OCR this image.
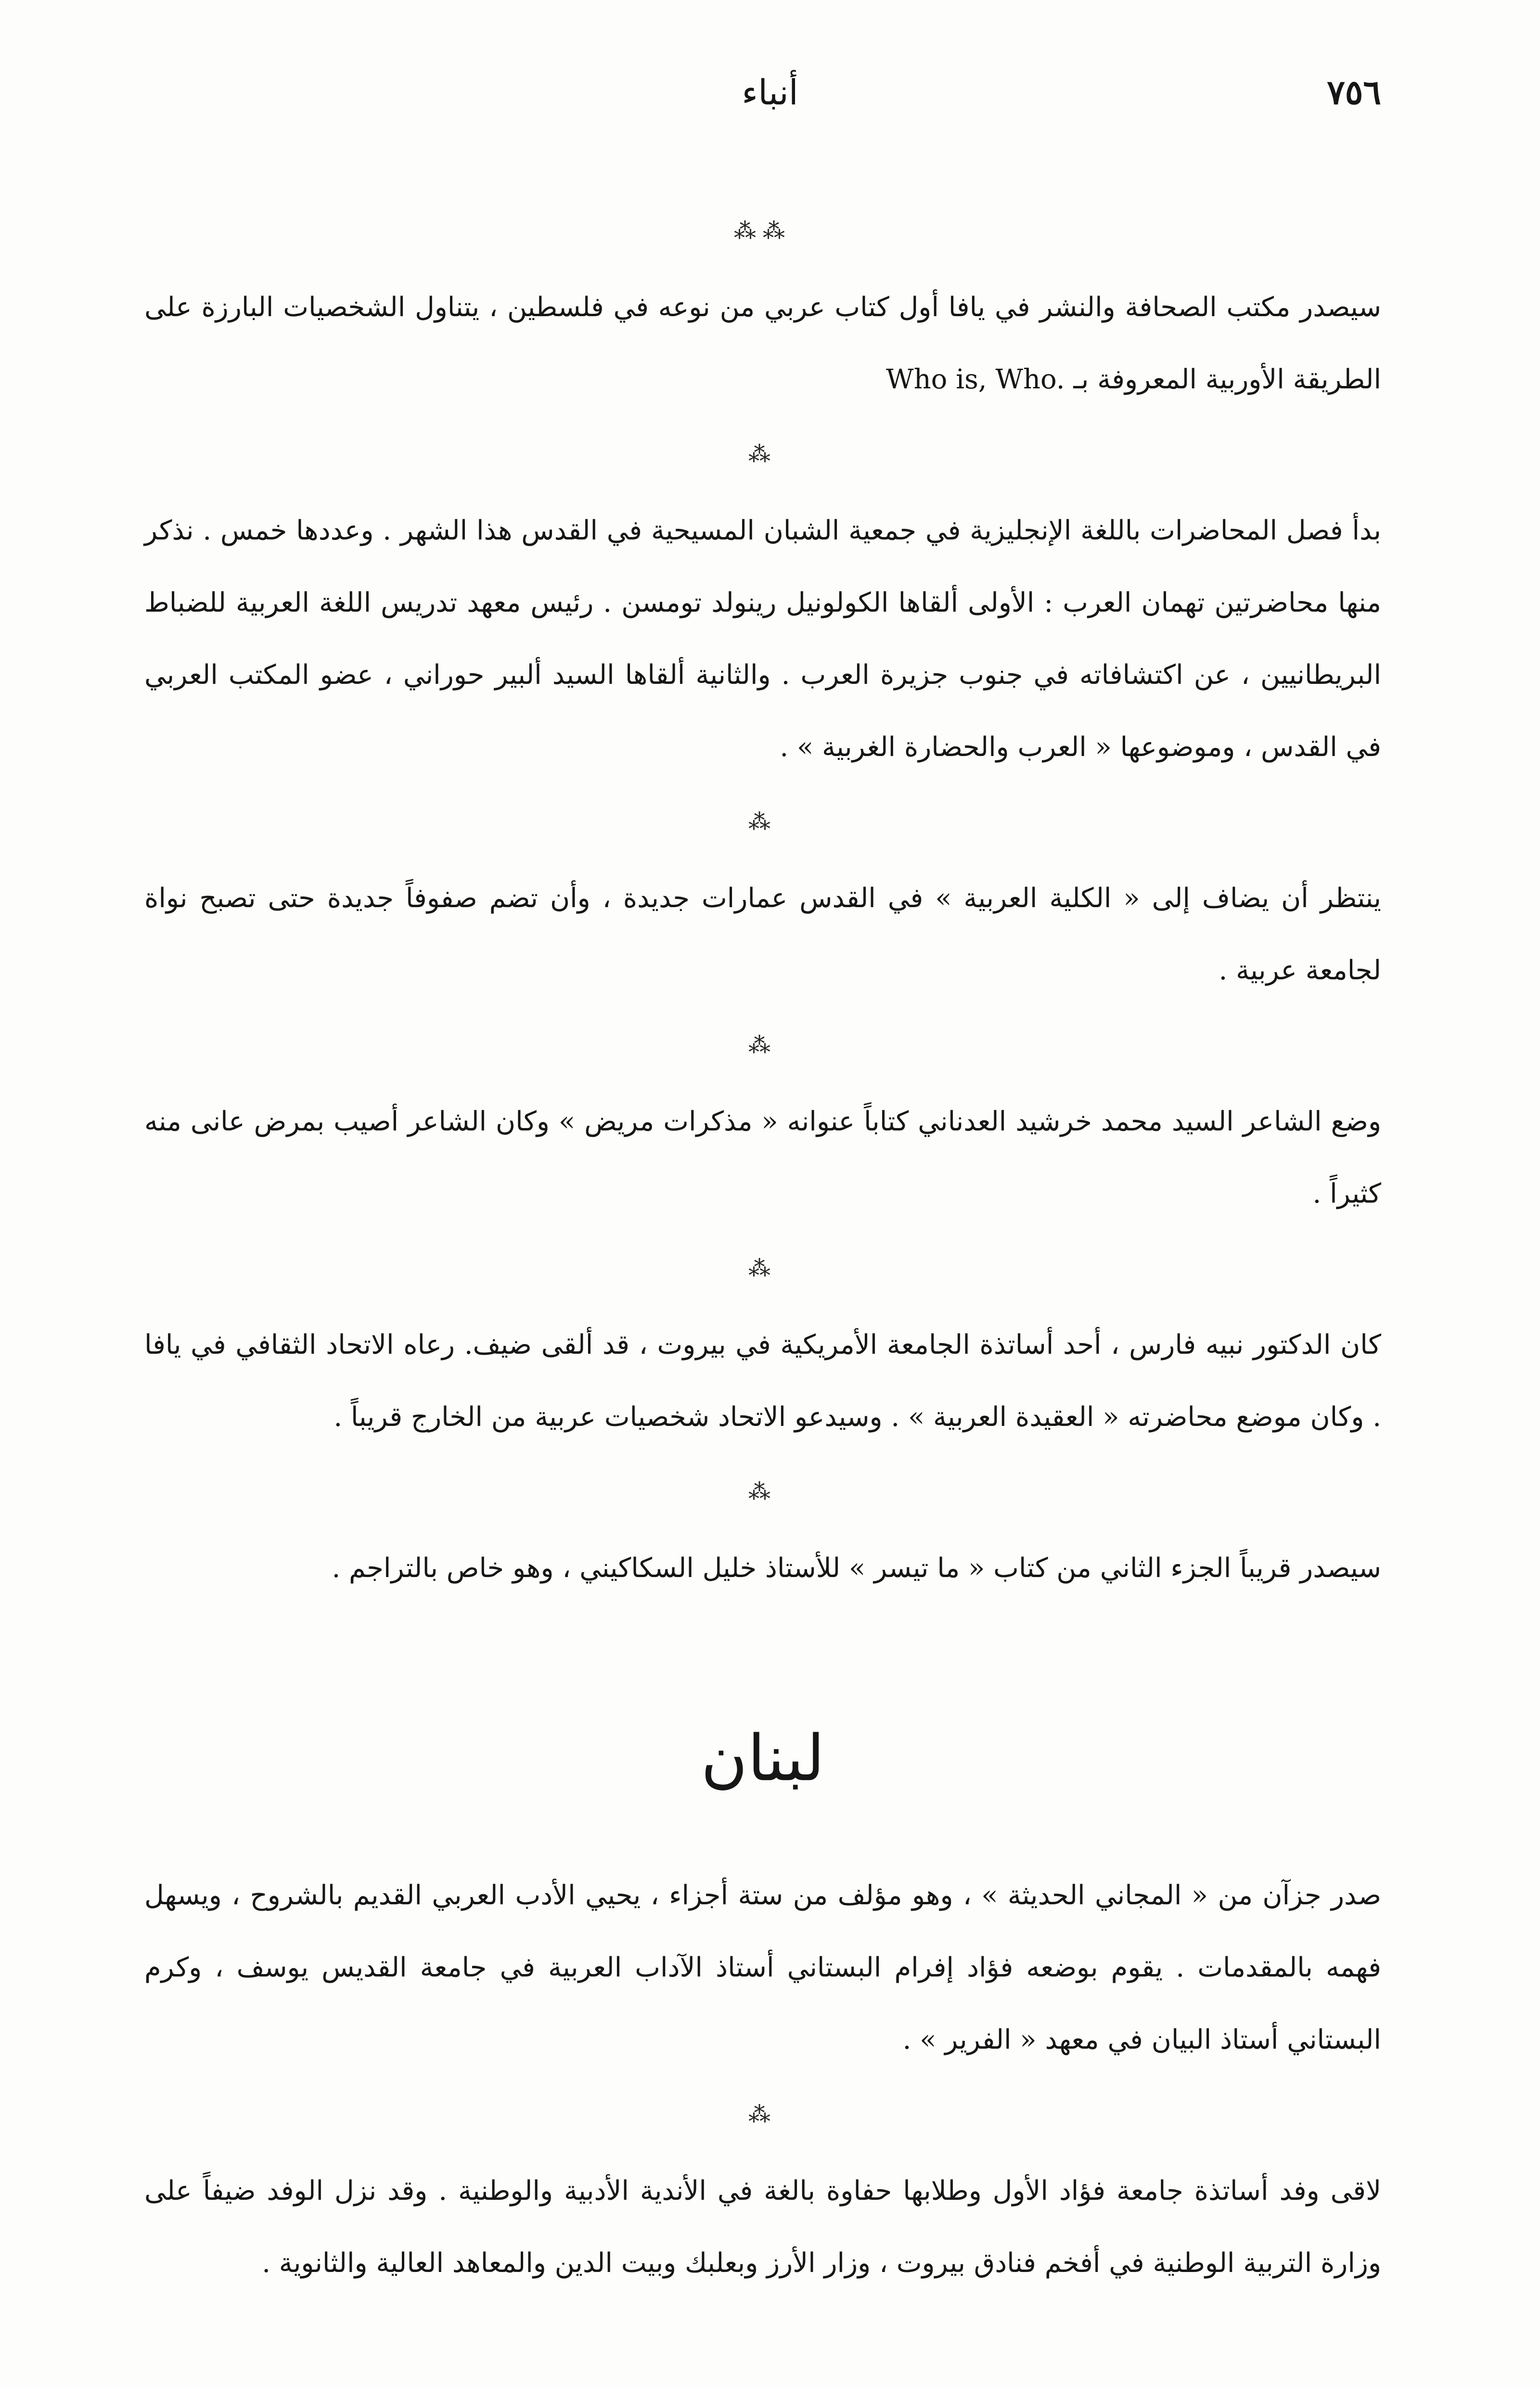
٧٥٦
أنباء
⁂⁂

سيصدر مكتب الصحافة والنشر في يافا أول كتاب عربي من نوعه في فلسطين ، يتناول الشخصيات البارزة على الطريقة الأوربية المعروفة بـ Who is, Who.

⁂

بدأ فصل المحاضرات باللغة الإنجليزية في جمعية الشبان المسيحية في القدس هذا الشهر . وعددها خمس . نذكر منها محاضرتين تهمان العرب : الأولى ألقاها الكولونيل رينولد تومسن . رئيس معهد تدريس اللغة العربية للضباط البريطانيين ، عن اكتشافاته في جنوب جزيرة العرب . والثانية ألقاها السيد ألبير حوراني ، عضو المكتب العربي في القدس ، وموضوعها « العرب والحضارة الغربية » .

⁂

ينتظر أن يضاف إلى « الكلية العربية » في القدس عمارات جديدة ، وأن تضم صفوفاً جديدة حتى تصبح نواة لجامعة عربية .

⁂

وضع الشاعر السيد محمد خرشيد العدناني كتاباً عنوانه « مذكرات مريض » وكان الشاعر أصيب بمرض عانى منه كثيراً .

⁂

كان الدكتور نبيه فارس ، أحد أساتذة الجامعة الأمريكية في بيروت ، قد ألقى ضيف. رعاه الاتحاد الثقافي في يافا . وكان موضع محاضرته « العقيدة العربية » . وسيدعو الاتحاد شخصيات عربية من الخارج قريباً .

⁂

سيصدر قريباً الجزء الثاني من كتاب « ما تيسر » للأستاذ خليل السكاكيني ، وهو خاص بالتراجم .

لبنان

صدر جزآن من « المجاني الحديثة » ، وهو مؤلف من ستة أجزاء ، يحيي الأدب العربي القديم بالشروح ، ويسهل فهمه بالمقدمات . يقوم بوضعه فؤاد إفرام البستاني أستاذ الآداب العربية في جامعة القديس يوسف ، وكرم البستاني أستاذ البيان في معهد « الفرير » .

⁂

لاقى وفد أساتذة جامعة فؤاد الأول وطلابها حفاوة بالغة في الأندية الأدبية والوطنية . وقد نزل الوفد ضيفاً على وزارة التربية الوطنية في أفخم فنادق بيروت ، وزار الأرز وبعلبك وبيت الدين والمعاهد العالية والثانوية .
